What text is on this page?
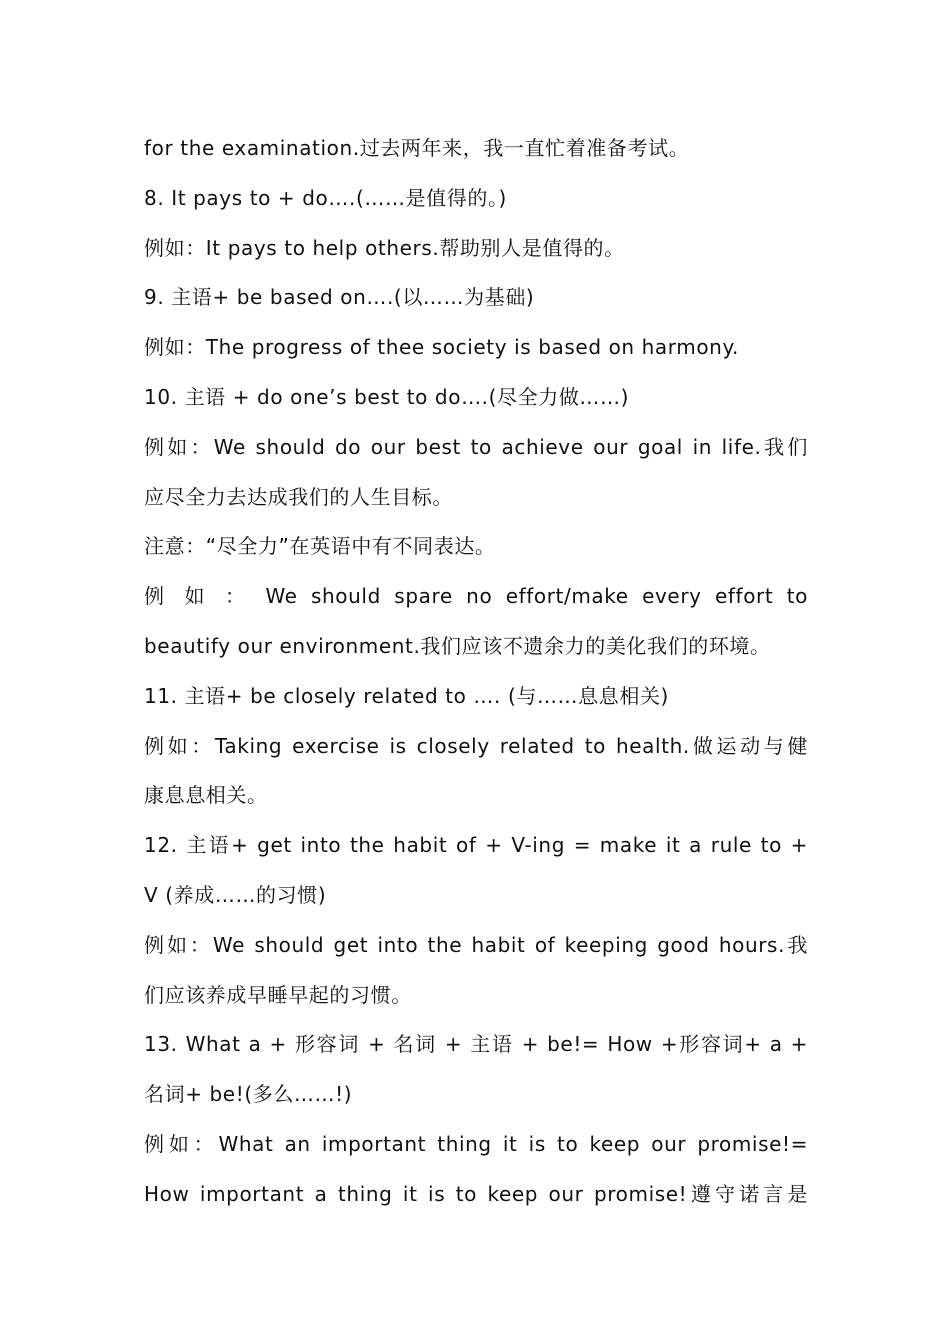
for the examination.过去两年来，我一直忙着准备考试。
8. It pays to + do….(……是值得的。)
例如：It pays to help others.帮助别人是值得的。
9. 主语+ be based on….(以……为基础)
例如：The progress of thee society is based on harmony.
10. 主语 + do one’s best to do….(尽全力做……)
例如：We should do our best to achieve our goal in life.我们
应尽全力去达成我们的人生目标。
注意：“尽全力”在英语中有不同表达。
例 如 ： We should spare no effort/make every effort to
beautify our environment.我们应该不遗余力的美化我们的环境。
11. 主语+ be closely related to …. (与……息息相关)
例如：Taking exercise is closely related to health.做运动与健
康息息相关。
12. 主语+ get into the habit of + V-ing = make it a rule to +
V (养成……的习惯)
例如：We should get into the habit of keeping good hours.我
们应该养成早睡早起的习惯。
13. What a + 形容词 + 名词 + 主语 + be!= How +形容词+ a +
名词+ be!(多么……!)
例如：What an important thing it is to keep our promise!=
How important a thing it is to keep our promise!遵守诺言是
